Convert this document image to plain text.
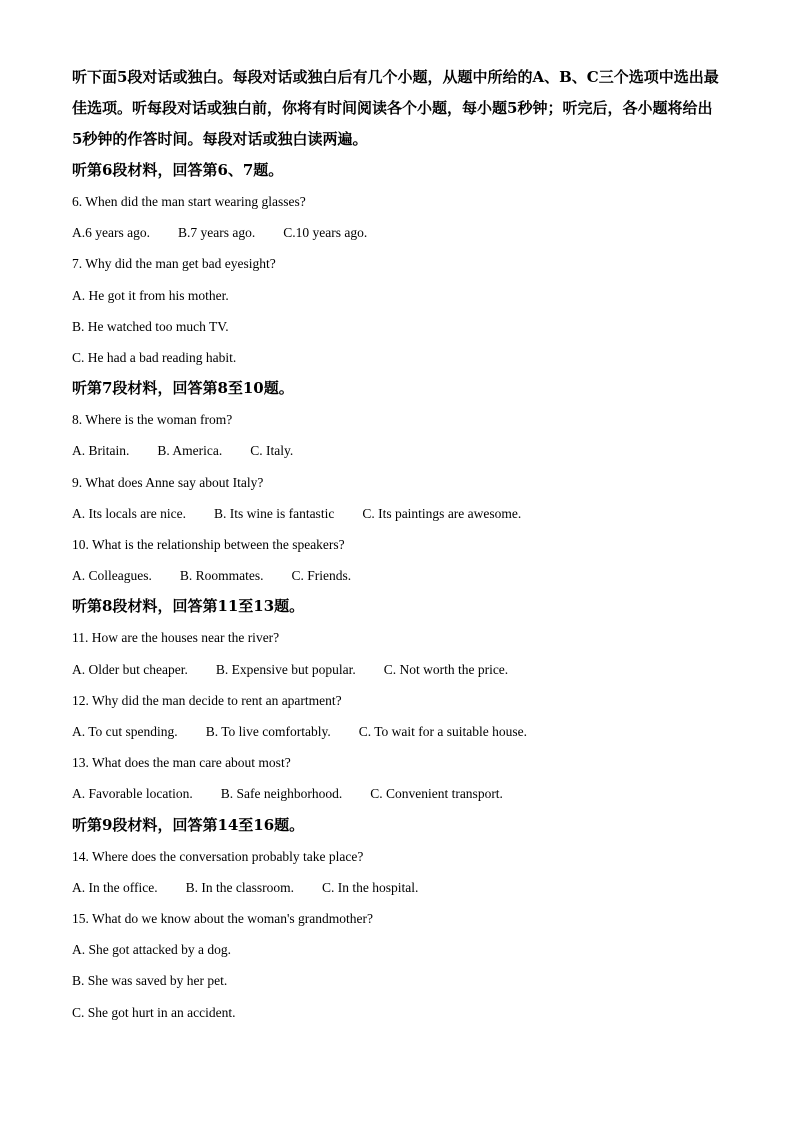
听下面5段对话或独白。每段对话或独白后有几个小题，从题中所给的A、B、C三个选项中选出最佳选项。听每段对话或独白前，你将有时间阅读各个小题，每小题5秒钟；听完后，各小题将给出5秒钟的作答时间。每段对话或独白读两遍。

听第6段材料，回答第6、7题。

6. When did the man start wearing glasses?

A.6 years ago. B.7 years ago. C.10 years ago.

7. Why did the man get bad eyesight?

A. He got it from his mother.

B. He watched too much TV.

C. He had a bad reading habit.

听第7段材料，回答第8至10题。

8. Where is the woman from?

A. Britain. B. America. C. Italy.

9. What does Anne say about Italy?

A. Its locals are nice. B. Its wine is fantastic C. Its paintings are awesome.

10. What is the relationship between the speakers?

A. Colleagues. B. Roommates. C. Friends.

听第8段材料，回答第11至13题。

11. How are the houses near the river?

A. Older but cheaper. B. Expensive but popular. C. Not worth the price.

12. Why did the man decide to rent an apartment?

A. To cut spending. B. To live comfortably. C. To wait for a suitable house.

13. What does the man care about most?

A. Favorable location. B. Safe neighborhood. C. Convenient transport.

听第9段材料，回答第14至16题。

14. Where does the conversation probably take place?

A. In the office. B. In the classroom. C. In the hospital.

15. What do we know about the woman's grandmother?

A. She got attacked by a dog.

B. She was saved by her pet.

C. She got hurt in an accident.
